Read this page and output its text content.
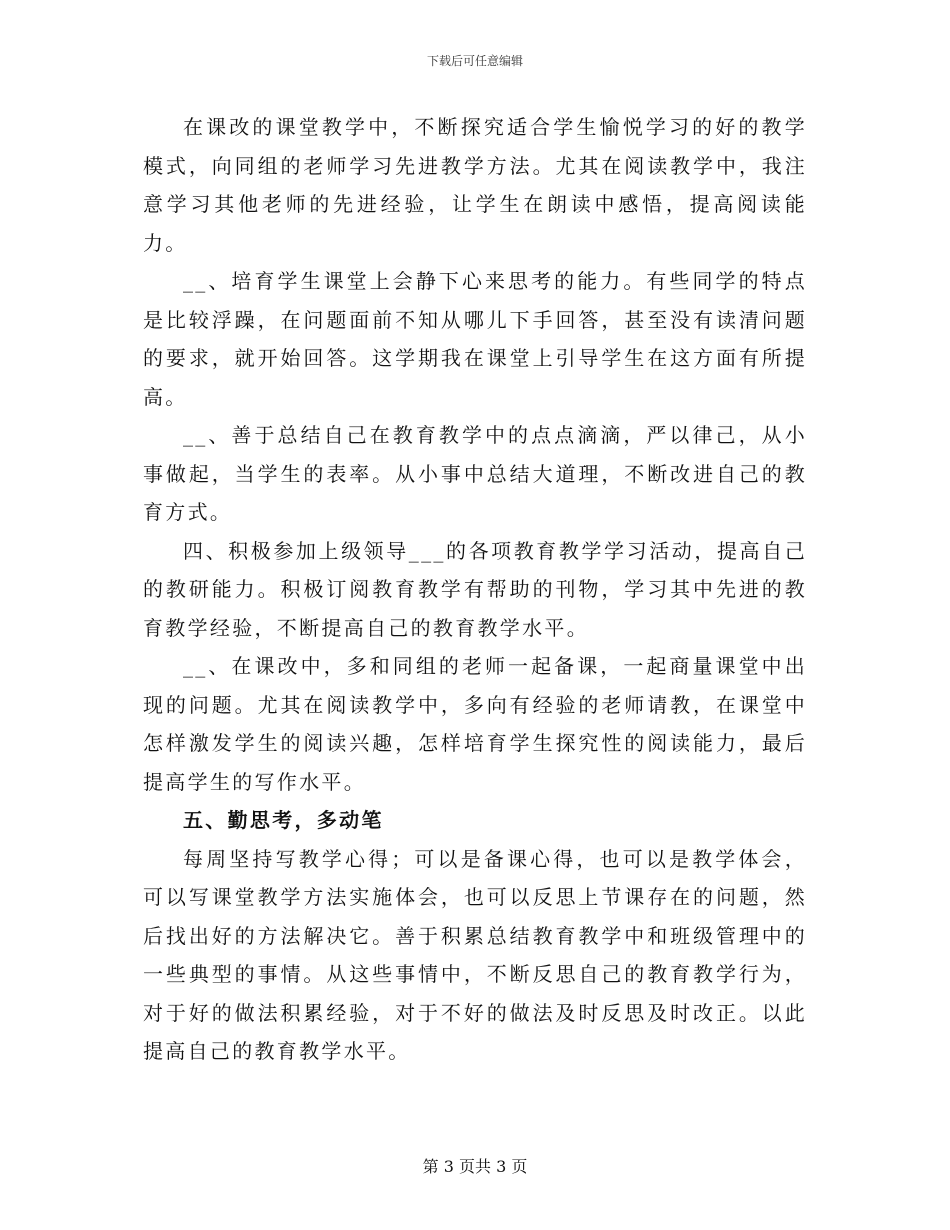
下载后可任意编辑

在课改的课堂教学中，不断探究适合学生愉悦学习的好的教学模式，向同组的老师学习先进教学方法。尤其在阅读教学中，我注意学习其他老师的先进经验，让学生在朗读中感悟，提高阅读能力。

__、培育学生课堂上会静下心来思考的能力。有些同学的特点是比较浮躁，在问题面前不知从哪儿下手回答，甚至没有读清问题的要求，就开始回答。这学期我在课堂上引导学生在这方面有所提高。

__、善于总结自己在教育教学中的点点滴滴，严以律己，从小事做起，当学生的表率。从小事中总结大道理，不断改进自己的教育方式。

四、积极参加上级领导___的各项教育教学学习活动，提高自己的教研能力。积极订阅教育教学有帮助的刊物，学习其中先进的教育教学经验，不断提高自己的教育教学水平。

__、在课改中，多和同组的老师一起备课，一起商量课堂中出现的问题。尤其在阅读教学中，多向有经验的老师请教，在课堂中怎样激发学生的阅读兴趣，怎样培育学生探究性的阅读能力，最后提高学生的写作水平。

五、勤思考，多动笔

每周坚持写教学心得；可以是备课心得，也可以是教学体会，可以写课堂教学方法实施体会，也可以反思上节课存在的问题，然后找出好的方法解决它。善于积累总结教育教学中和班级管理中的一些典型的事情。从这些事情中，不断反思自己的教育教学行为，对于好的做法积累经验，对于不好的做法及时反思及时改正。以此提高自己的教育教学水平。

第 3 页共 3 页
